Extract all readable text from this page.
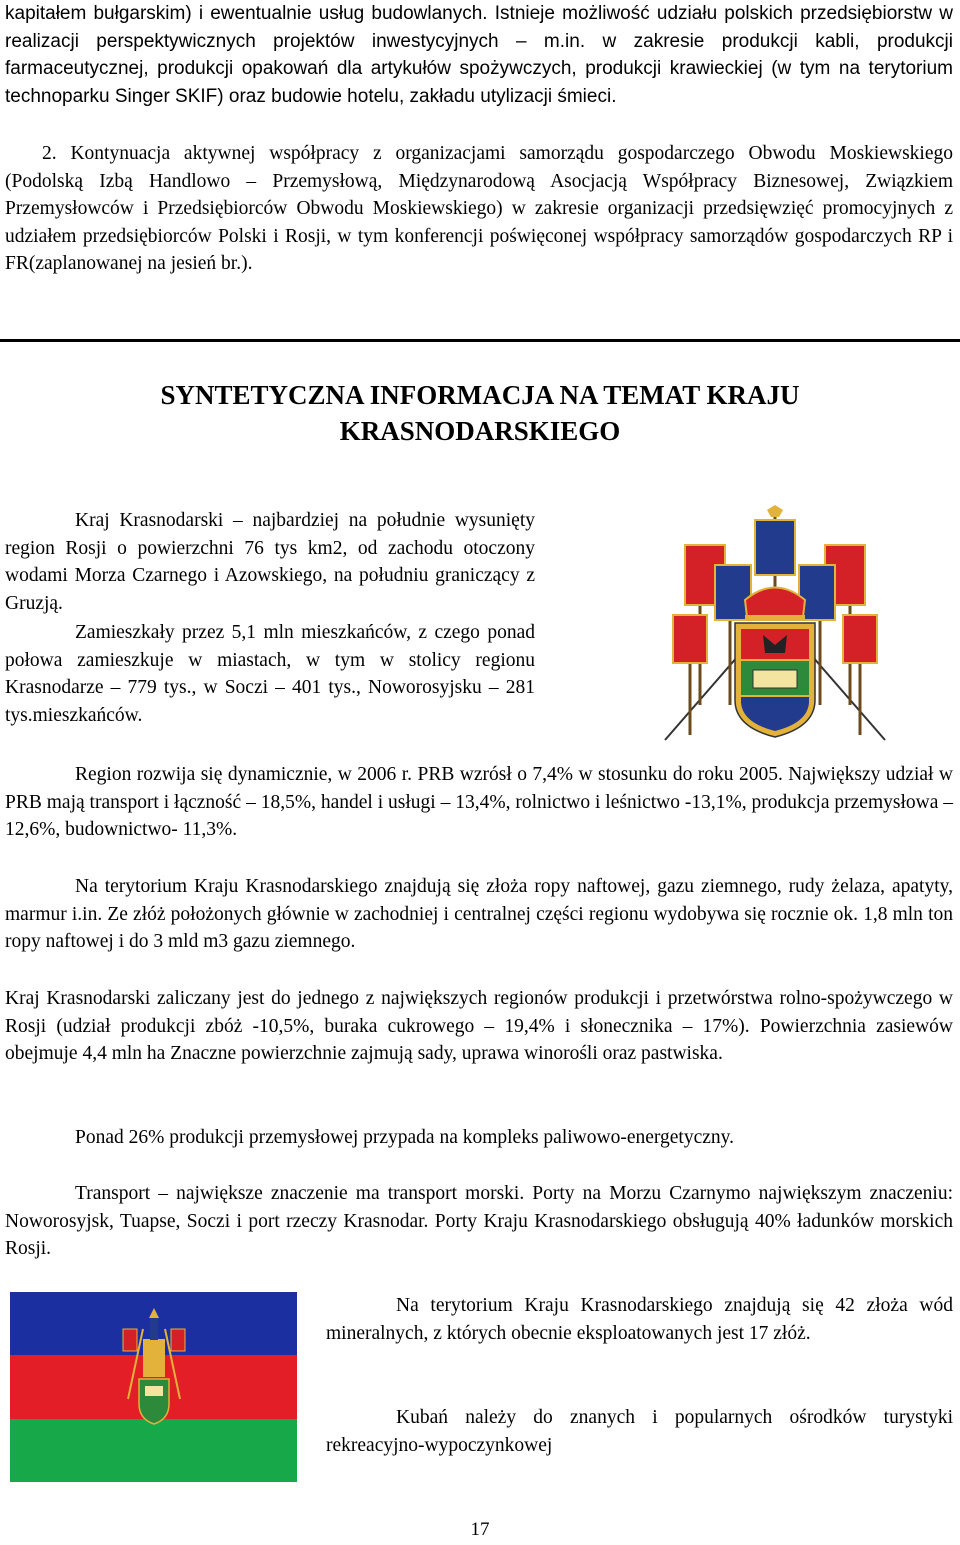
kapitałem bułgarskim) i ewentualnie usług budowlanych. Istnieje możliwość udziału polskich przedsiębiorstw w realizacji perspektywicznych projektów inwestycyjnych – m.in. w zakresie produkcji kabli, produkcji farmaceutycznej, produkcji opakowań dla artykułów spożywczych, produkcji krawieckiej (w tym na terytorium technoparku Singer SKIF) oraz budowie hotelu, zakładu utylizacji śmieci.

2. Kontynuacja aktywnej współpracy z organizacjami samorządu gospodarczego Obwodu Moskiewskiego (Podolską Izbą Handlowo – Przemysłową, Międzynarodową Asocjacją Współpracy Biznesowej, Związkiem Przemysłowców i Przedsiębiorców Obwodu Moskiewskiego) w zakresie organizacji przedsięwzięć promocyjnych z udziałem przedsiębiorców Polski i Rosji, w tym konferencji poświęconej współpracy samorządów gospodarczych RP i FR(zaplanowanej na jesień br.).

SYNTETYCZNA INFORMACJA NA TEMAT KRAJU
KRASNODARSKIEGO

Kraj Krasnodarski – najbardziej na południe wysunięty region Rosji o powierzchni 76 tys km2, od zachodu otoczony wodami Morza Czarnego i Azowskiego, na południu graniczący z Gruzją.

Zamieszkały przez 5,1 mln mieszkańców, z czego ponad połowa zamieszkuje w miastach, w tym w stolicy regionu Krasnodarze – 779 tys., w Soczi – 401 tys., Noworosyjsku – 281 tys.mieszkańców.

Region rozwija się dynamicznie, w 2006 r. PRB wzrósł o 7,4% w stosunku do roku 2005. Największy udział w PRB mają transport i łączność – 18,5%, handel i usługi – 13,4%, rolnictwo i leśnictwo -13,1%, produkcja przemysłowa – 12,6%, budownictwo- 11,3%.

Na terytorium Kraju Krasnodarskiego znajdują się złoża ropy naftowej, gazu ziemnego, rudy żelaza, apatyty, marmur i.in. Ze złóż położonych głównie w zachodniej i centralnej części regionu wydobywa się rocznie ok. 1,8 mln ton ropy naftowej i do 3 mld m3 gazu ziemnego.

Kraj Krasnodarski zaliczany jest do jednego z największych regionów produkcji i przetwórstwa rolno-spożywczego w Rosji (udział produkcji zbóż -10,5%, buraka cukrowego – 19,4% i słonecznika – 17%). Powierzchnia zasiewów obejmuje 4,4 mln ha Znaczne powierzchnie zajmują sady, uprawa winorośli oraz pastwiska.

Ponad 26% produkcji przemysłowej przypada na kompleks paliwowo-energetyczny.

Transport – największe znaczenie ma transport morski. Porty na Morzu Czarnymo największym znaczeniu: Noworosyjsk, Tuapse, Soczi i port rzeczy Krasnodar. Porty Kraju Krasnodarskiego obsługują 40% ładunków morskich Rosji.

Na terytorium Kraju Krasnodarskiego znajdują się 42 złoża wód mineralnych, z których obecnie eksploatowanych jest 17 złóż.

Kubań należy do znanych i popularnych ośrodków turystyki rekreacyjno-wypoczynkowej

17
